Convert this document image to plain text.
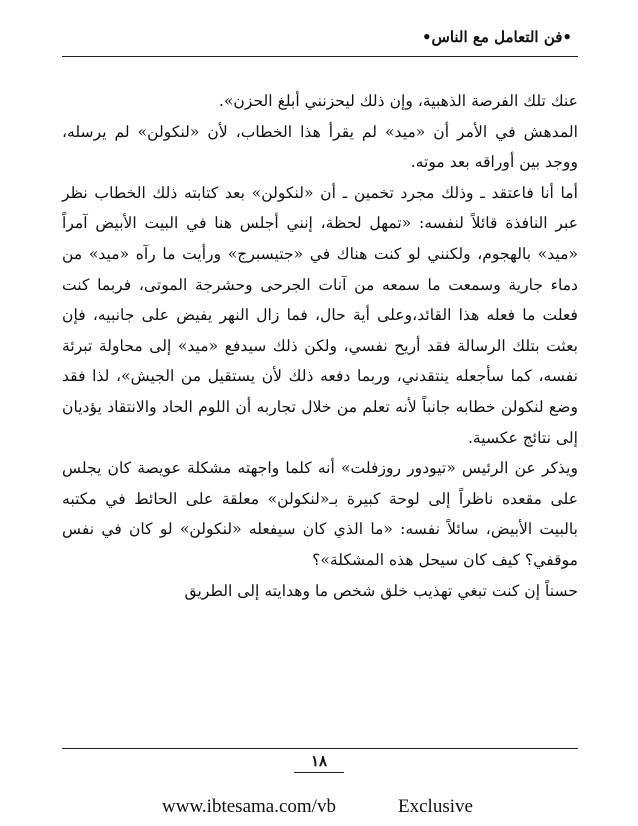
•فن التعامل مع الناس•

عنك تلك الفرصة الذهبية، وإن ذلك ليحزنني أبلغ الحزن».

المدهش في الأمر أن «ميد» لم يقرأ هذا الخطاب، لأن «لنكولن» لم يرسله، ووجد بين أوراقه بعد موته.

أما أنا فاعتقد ـ وذلك مجرد تخمين ـ أن «لنكولن» بعد كتابته ذلك الخطاب نظر عبر النافذة قائلاً لنفسه: «تمهل لحظة، إنني أجلس هنا في البيت الأبيض آمراً «ميد» بالهجوم، ولكنني لو كنت هناك في «جتيسبرج» ورأيت ما رآه «ميد» من دماء جارية وسمعت ما سمعه من آنات الجرحى وحشرجة الموتى، فربما كنت فعلت ما فعله هذا القائد،وعلى أية حال، فما زال النهر يفيض على جانبيه، فإن بعثت بتلك الرسالة فقد أريح نفسي، ولكن ذلك سيدفع «ميد» إلى محاولة تبرئة نفسه، كما سأجعله ينتقدني، وربما دفعه ذلك لأن يستقيل من الجيش»، لذا فقد وضع لنكولن خطابه جانباً لأنه تعلم من خلال تجاربه أن اللوم الحاد والانتقاد يؤديان إلى نتائج عكسية.

ويذكر عن الرئيس «تيودور روزفلت» أنه كلما واجهته مشكلة عويصة كان يجلس على مقعده ناظراً إلى لوحة كبيرة بـ«لنكولن» معلقة على الحائط في مكتبه بالبيت الأبيض، سائلاً نفسه: «ما الذي كان سيفعله «لنكولن» لو كان في نفس موقفي؟ كيف كان سيحل هذه المشكلة»؟

حسناً إن كنت تبغي تهذيب خلق شخص ما وهدايته إلى الطريق

١٨
www.ibtesama.com/vb	Exclusive
